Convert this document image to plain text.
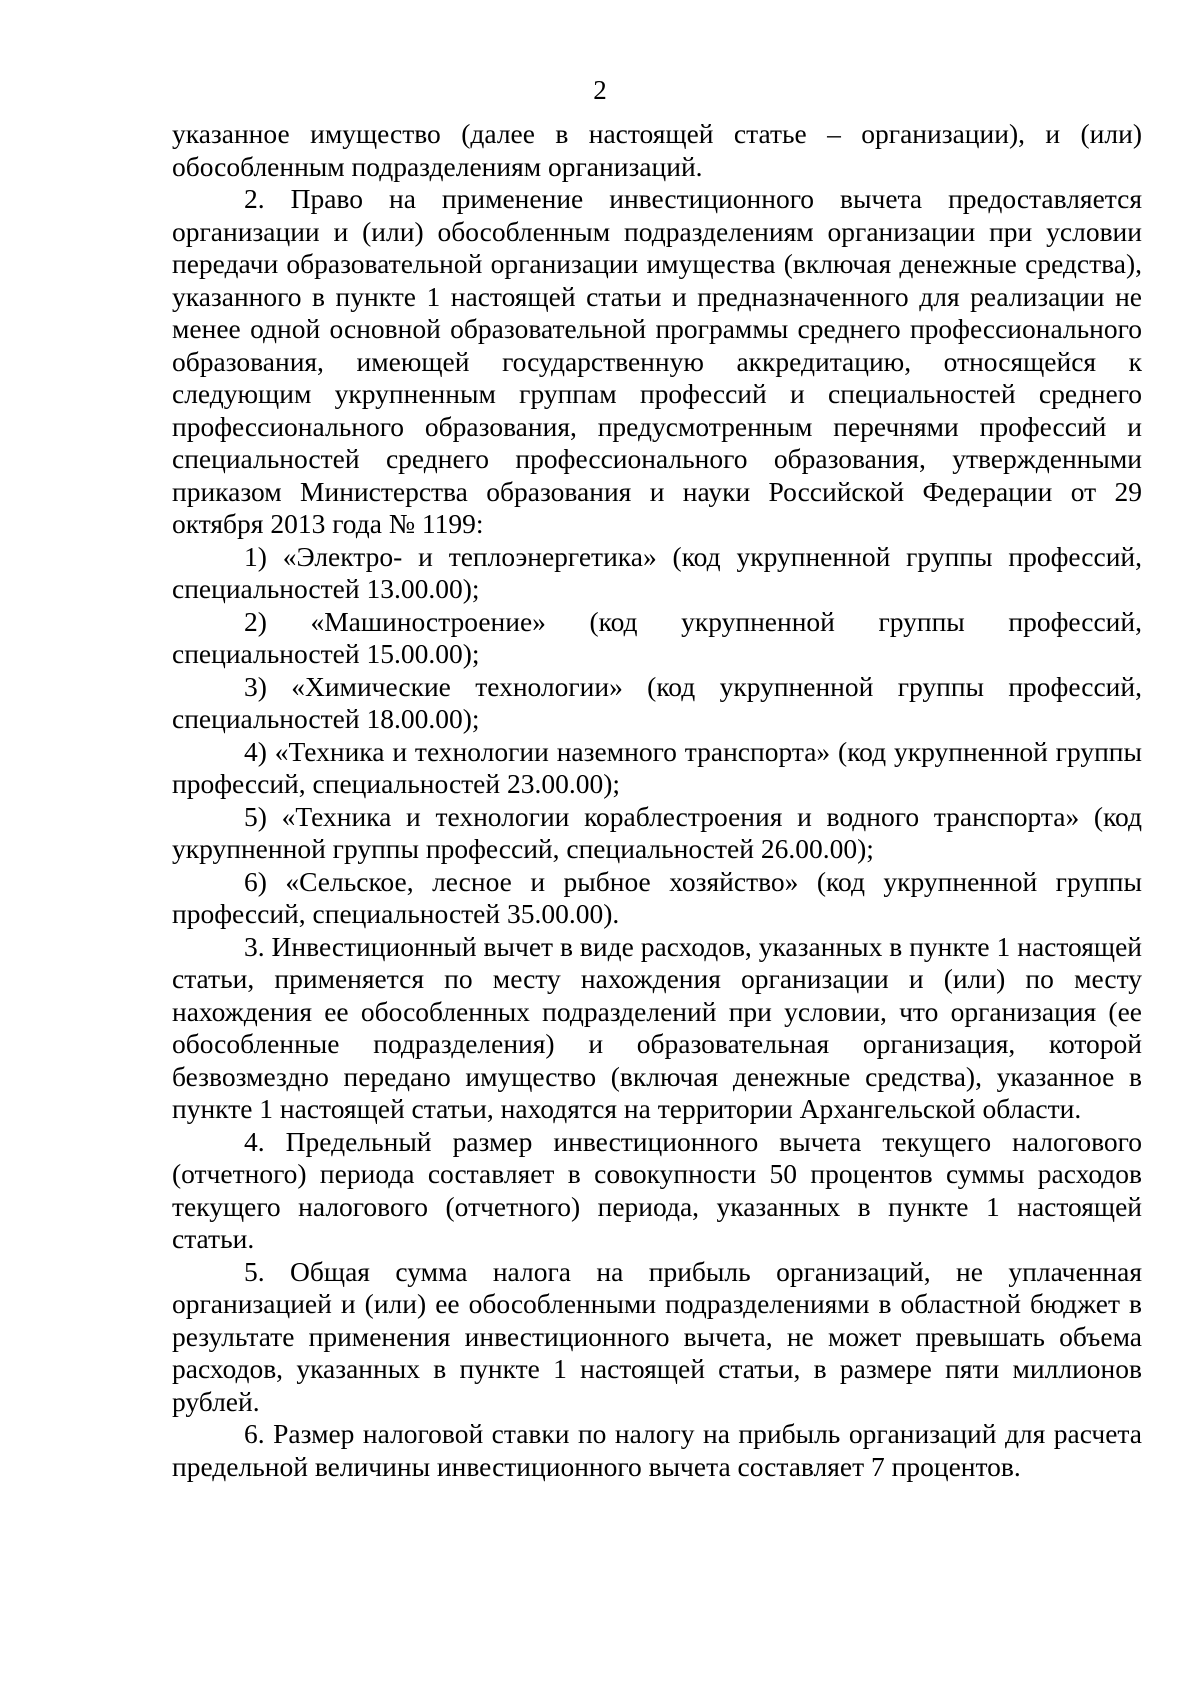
2

указанное имущество (далее в настоящей статье – организации), и (или) обособленным подразделениям организаций.

2. Право на применение инвестиционного вычета предоставляется организации и (или) обособленным подразделениям организации при условии передачи образовательной организации имущества (включая денежные средства), указанного в пункте 1 настоящей статьи и предназначенного для реализации не менее одной основной образовательной программы среднего профессионального образования, имеющей государственную аккредитацию, относящейся к следующим укрупненным группам профессий и специальностей среднего профессионального образования, предусмотренным перечнями профессий и специальностей среднего профессионального образования, утвержденными приказом Министерства образования и науки Российской Федерации от 29 октября 2013 года № 1199:

1) «Электро- и теплоэнергетика» (код укрупненной группы профессий, специальностей 13.00.00);

2) «Машиностроение» (код укрупненной группы профессий, специальностей 15.00.00);

3) «Химические технологии» (код укрупненной группы профессий, специальностей 18.00.00);

4) «Техника и технологии наземного транспорта» (код укрупненной группы профессий, специальностей 23.00.00);

5) «Техника и технологии кораблестроения и водного транспорта» (код укрупненной группы профессий, специальностей 26.00.00);

6) «Сельское, лесное и рыбное хозяйство» (код укрупненной группы профессий, специальностей 35.00.00).

3. Инвестиционный вычет в виде расходов, указанных в пункте 1 настоящей статьи, применяется по месту нахождения организации и (или) по месту нахождения ее обособленных подразделений при условии, что организация (ее обособленные подразделения) и образовательная организация, которой безвозмездно передано имущество (включая денежные средства), указанное в пункте 1 настоящей статьи, находятся на территории Архангельской области.

4. Предельный размер инвестиционного вычета текущего налогового (отчетного) периода составляет в совокупности 50 процентов суммы расходов текущего налогового (отчетного) периода, указанных в пункте 1 настоящей статьи.

5. Общая сумма налога на прибыль организаций, не уплаченная организацией и (или) ее обособленными подразделениями в областной бюджет в результате применения инвестиционного вычета, не может превышать объема расходов, указанных в пункте 1 настоящей статьи, в размере пяти миллионов рублей.

6. Размер налоговой ставки по налогу на прибыль организаций для расчета предельной величины инвестиционного вычета составляет 7 процентов.
